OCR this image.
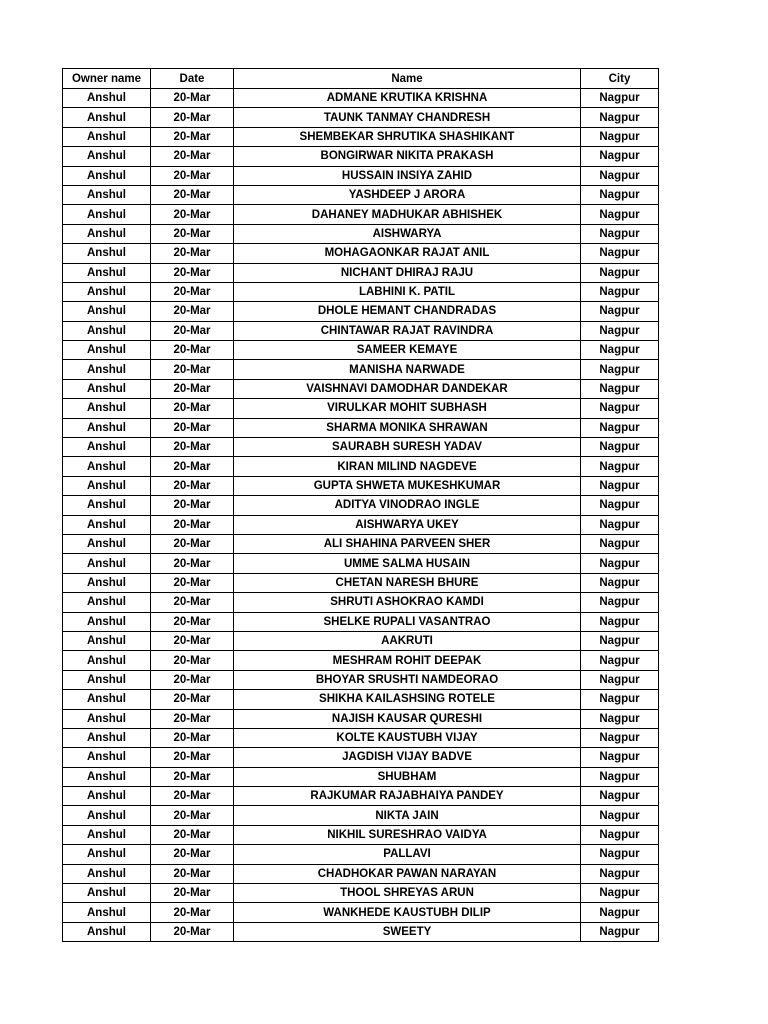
Owner name	Date	Name	City
Anshul	20-Mar	ADMANE KRUTIKA KRISHNA	Nagpur
Anshul	20-Mar	TAUNK TANMAY CHANDRESH	Nagpur
Anshul	20-Mar	SHEMBEKAR SHRUTIKA SHASHIKANT	Nagpur
Anshul	20-Mar	BONGIRWAR NIKITA PRAKASH	Nagpur
Anshul	20-Mar	HUSSAIN INSIYA ZAHID	Nagpur
Anshul	20-Mar	YASHDEEP J ARORA	Nagpur
Anshul	20-Mar	DAHANEY MADHUKAR ABHISHEK	Nagpur
Anshul	20-Mar	AISHWARYA	Nagpur
Anshul	20-Mar	MOHAGAONKAR RAJAT ANIL	Nagpur
Anshul	20-Mar	NICHANT DHIRAJ RAJU	Nagpur
Anshul	20-Mar	LABHINI K. PATIL	Nagpur
Anshul	20-Mar	DHOLE HEMANT CHANDRADAS	Nagpur
Anshul	20-Mar	CHINTAWAR RAJAT RAVINDRA	Nagpur
Anshul	20-Mar	SAMEER KEMAYE	Nagpur
Anshul	20-Mar	MANISHA NARWADE	Nagpur
Anshul	20-Mar	VAISHNAVI DAMODHAR DANDEKAR	Nagpur
Anshul	20-Mar	VIRULKAR MOHIT SUBHASH	Nagpur
Anshul	20-Mar	SHARMA MONIKA SHRAWAN	Nagpur
Anshul	20-Mar	SAURABH SURESH YADAV	Nagpur
Anshul	20-Mar	KIRAN MILIND NAGDEVE	Nagpur
Anshul	20-Mar	GUPTA SHWETA MUKESHKUMAR	Nagpur
Anshul	20-Mar	ADITYA VINODRAO INGLE	Nagpur
Anshul	20-Mar	AISHWARYA UKEY	Nagpur
Anshul	20-Mar	ALI SHAHINA PARVEEN SHER	Nagpur
Anshul	20-Mar	UMME SALMA HUSAIN	Nagpur
Anshul	20-Mar	CHETAN NARESH BHURE	Nagpur
Anshul	20-Mar	SHRUTI ASHOKRAO KAMDI	Nagpur
Anshul	20-Mar	SHELKE RUPALI VASANTRAO	Nagpur
Anshul	20-Mar	AAKRUTI	Nagpur
Anshul	20-Mar	MESHRAM ROHIT DEEPAK	Nagpur
Anshul	20-Mar	BHOYAR SRUSHTI NAMDEORAO	Nagpur
Anshul	20-Mar	SHIKHA KAILASHSING ROTELE	Nagpur
Anshul	20-Mar	NAJISH KAUSAR QURESHI	Nagpur
Anshul	20-Mar	KOLTE KAUSTUBH VIJAY	Nagpur
Anshul	20-Mar	JAGDISH VIJAY BADVE	Nagpur
Anshul	20-Mar	SHUBHAM	Nagpur
Anshul	20-Mar	RAJKUMAR RAJABHAIYA PANDEY	Nagpur
Anshul	20-Mar	NIKTA JAIN	Nagpur
Anshul	20-Mar	NIKHIL SURESHRAO VAIDYA	Nagpur
Anshul	20-Mar	PALLAVI	Nagpur
Anshul	20-Mar	CHADHOKAR PAWAN NARAYAN	Nagpur
Anshul	20-Mar	THOOL SHREYAS ARUN	Nagpur
Anshul	20-Mar	WANKHEDE KAUSTUBH DILIP	Nagpur
Anshul	20-Mar	SWEETY	Nagpur
